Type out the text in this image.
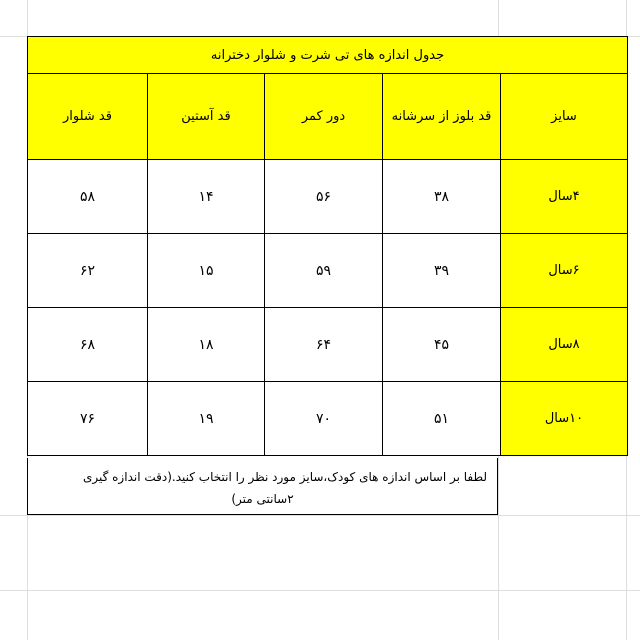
جدول اندازه های تی شرت و شلوار دخترانه				
سایز	قد بلوز از سرشانه	دور کمر	قد آستین	قد شلوار
۴سال	۳۸	۵۶	۱۴	۵۸
۶سال	۳۹	۵۹	۱۵	۶۲
۸سال	۴۵	۶۴	۱۸	۶۸
۱۰سال	۵۱	۷۰	۱۹	۷۶
لطفا بر اساس اندازه های کودک،سایز مورد نظر را انتخاب کنید.(دقت اندازه گیری
۲سانتی متر)
